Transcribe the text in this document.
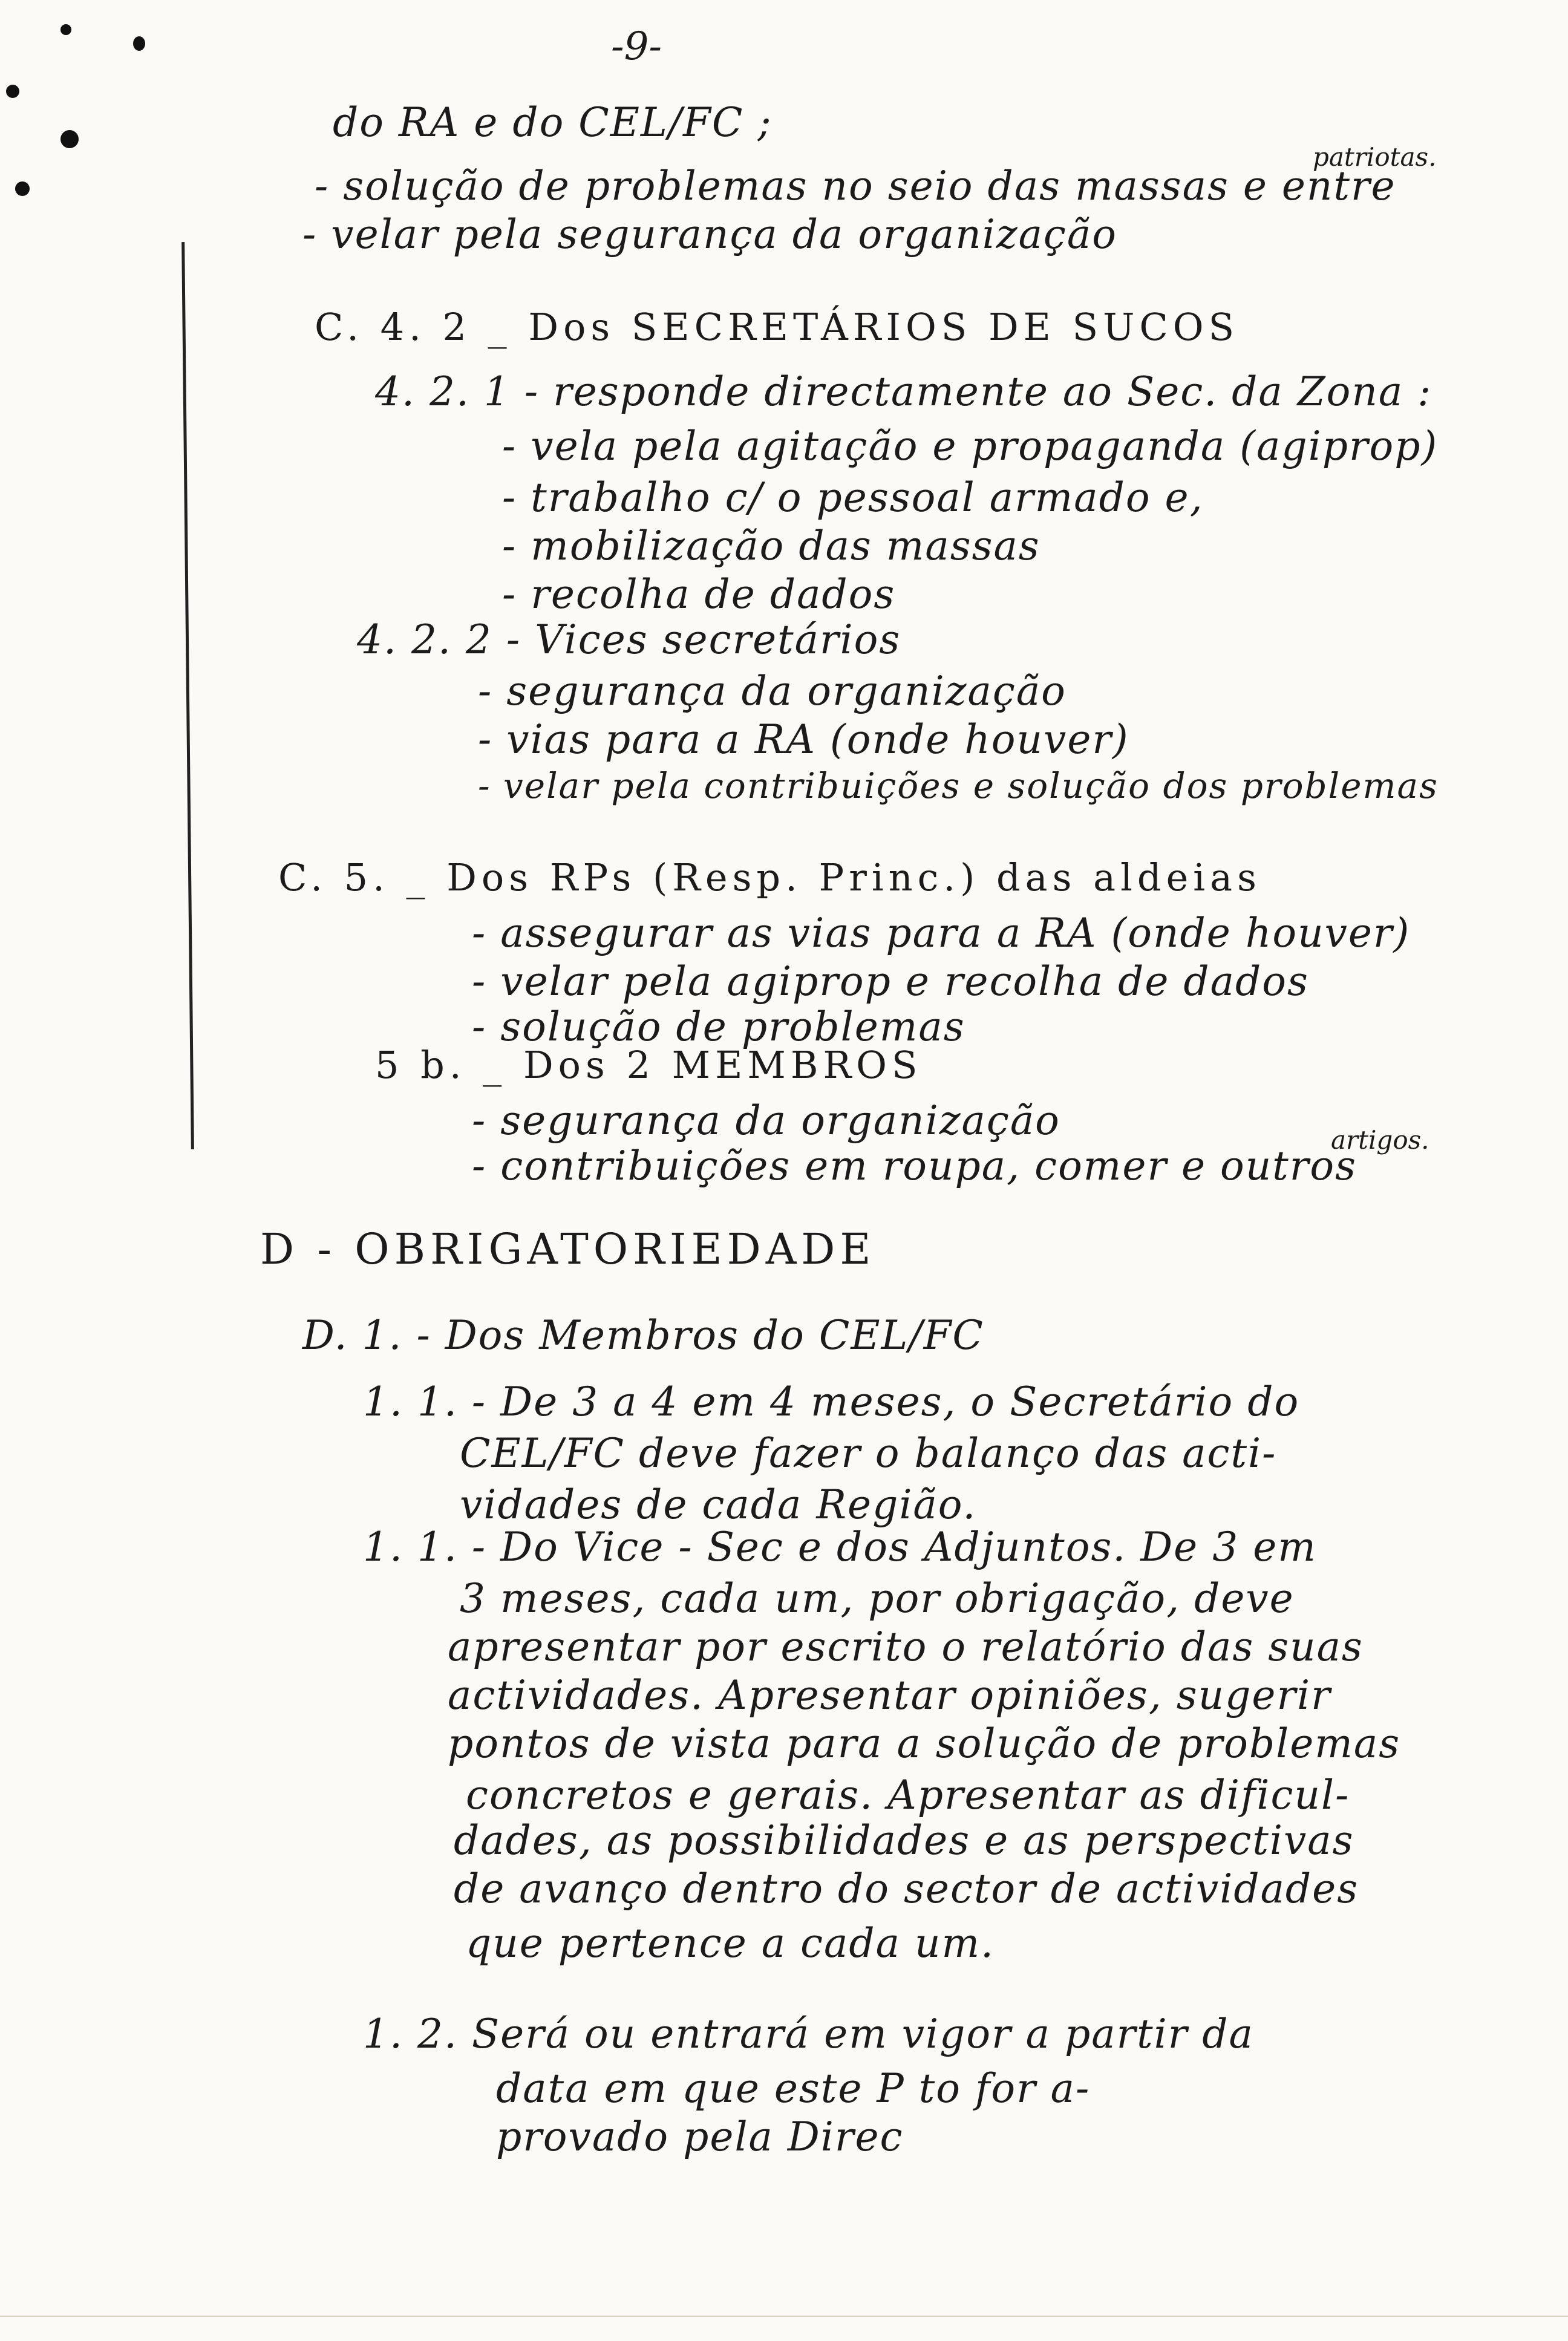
-9-
patriotas.
do RA e do CEL/FC ;
- solução de problemas no seio das massas e entre
- velar pela segurança da organização
C. 4. 2 _ Dos SECRETÁRIOS DE SUCOS
4. 2. 1 - responde directamente ao Sec. da Zona :
- vela pela agitação e propaganda (agiprop)
- trabalho c/ o pessoal armado e,
- mobilização das massas
- recolha de dados
4. 2. 2 - Vices secretários
- segurança da organização
- vias para a RA (onde houver)
- velar pela contribuições e solução dos problemas
C. 5. _ Dos RPs (Resp. Princ.) das aldeias
- assegurar as vias para a RA (onde houver)
- velar pela agiprop e recolha de dados
- solução de problemas
5 b. _ Dos 2 MEMBROS
- segurança da organização
- contribuições em roupa, comer e outros
artigos.
D - OBRIGATORIEDADE
D. 1. - Dos Membros do CEL/FC
1. 1. - De 3 a 4 em 4 meses, o Secretário do
CEL/FC deve fazer o balanço das acti-
vidades de cada Região.
1. 1. - Do Vice - Sec e dos Adjuntos. De 3 em
3 meses, cada um, por obrigação, deve
apresentar por escrito o relatório das suas
actividades. Apresentar opiniões, sugerir
pontos de vista para a solução de problemas
concretos e gerais. Apresentar as dificul-
dades, as possibilidades e as perspectivas
de avanço dentro do sector de actividades
que pertence a cada um.
1. 2. Será ou entrará em vigor a partir da
data em que este P to for a-
provado pela Direc
